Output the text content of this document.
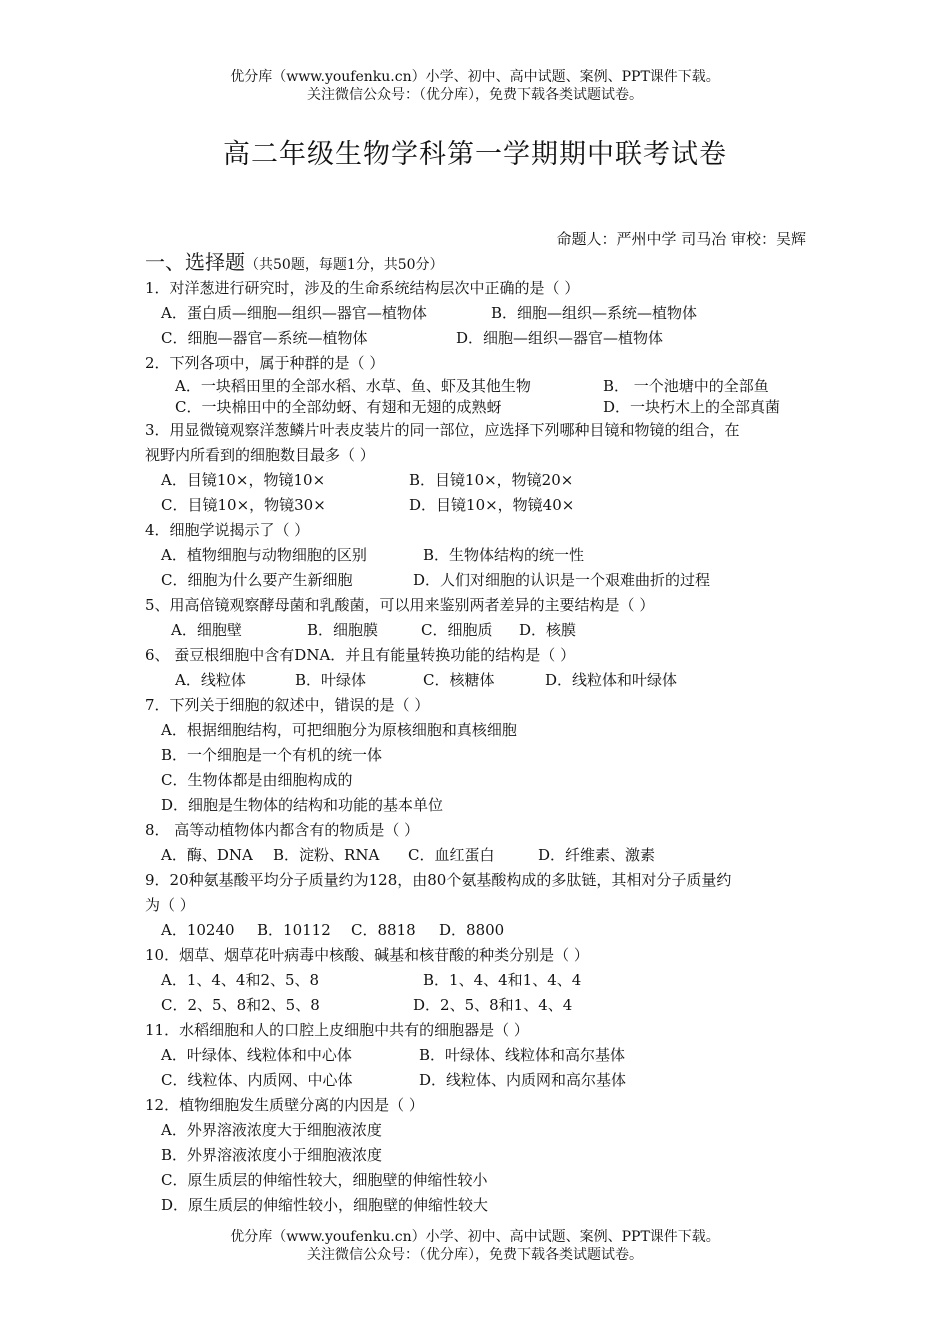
优分库（www.youfenku.cn）小学、初中、高中试题、案例、PPT课件下载。
关注微信公众号：（优分库），免费下载各类试题试卷。
高二年级生物学科第一学期期中联考试卷
命题人：严州中学 司马冶 审校：吴辉
一、选择题（共50题，每题1分，共50分）
1．对洋葱进行研究时，涉及的生命系统结构层次中正确的是（ ）
A．蛋白质—细胞—组织—器官—植物体	B．细胞—组织—系统—植物体
C．细胞—器官—系统—植物体	D．细胞—组织—器官—植物体
2．下列各项中，属于种群的是（ ）
A．一块稻田里的全部水稻、水草、鱼、虾及其他生物	B． 一个池塘中的全部鱼
C．一块棉田中的全部幼蚜、有翅和无翅的成熟蚜	D．一块朽木上的全部真菌
3．用显微镜观察洋葱鳞片叶表皮装片的同一部位，应选择下列哪种目镜和物镜的组合，在
视野内所看到的细胞数目最多（ ）
A．目镜10×，物镜10×	B．目镜10×，物镜20×
C．目镜10×，物镜30×	D．目镜10×，物镜40×
4．细胞学说揭示了（ ）
A．植物细胞与动物细胞的区别	B．生物体结构的统一性
C．细胞为什么要产生新细胞	D．人们对细胞的认识是一个艰难曲折的过程
5、用高倍镜观察酵母菌和乳酸菌，可以用来鉴别两者差异的主要结构是（ ）
A．细胞壁	B．细胞膜	C．细胞质	D．核膜
6、 蚕豆根细胞中含有DNA．并且有能量转换功能的结构是（ ）
A．线粒体	B．叶绿体	C．核糖体	D．线粒体和叶绿体
7．下列关于细胞的叙述中，错误的是（ ）
A．根据细胞结构，可把细胞分为原核细胞和真核细胞
B．一个细胞是一个有机的统一体
C．生物体都是由细胞构成的
D．细胞是生物体的结构和功能的基本单位
8． 高等动植物体内都含有的物质是（ ）
A．酶、DNA	B．淀粉、RNA	C．血红蛋白	D．纤维素、激素
9．20种氨基酸平均分子质量约为128，由80个氨基酸构成的多肽链，其相对分子质量约
为（ ）
A．10240	B．10112	C．8818	D．8800
10．烟草、烟草花叶病毒中核酸、碱基和核苷酸的种类分别是（ ）
A．1、4、4和2、5、8	B．1、4、4和1、4、4
C．2、5、8和2、5、8	D．2、5、8和1、4、4
11．水稻细胞和人的口腔上皮细胞中共有的细胞器是（ ）
A．叶绿体、线粒体和中心体	B．叶绿体、线粒体和高尔基体
C．线粒体、内质网、中心体	D．线粒体、内质网和高尔基体
12．植物细胞发生质壁分离的内因是（ ）
A．外界溶液浓度大于细胞液浓度
B．外界溶液浓度小于细胞液浓度
C．原生质层的伸缩性较大，细胞壁的伸缩性较小
D．原生质层的伸缩性较小，细胞壁的伸缩性较大
优分库（www.youfenku.cn）小学、初中、高中试题、案例、PPT课件下载。
关注微信公众号：（优分库），免费下载各类试题试卷。
